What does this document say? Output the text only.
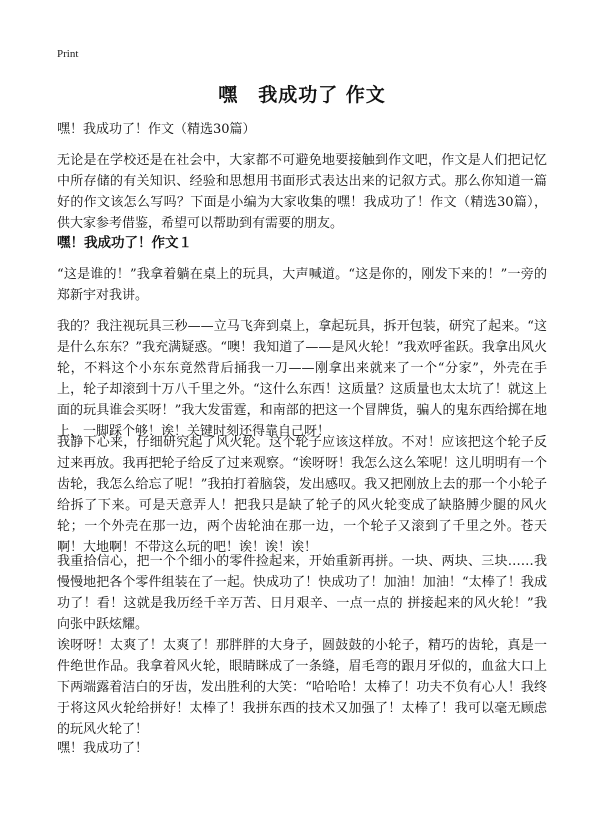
Print
嘿　我成功了 作文

嘿！我成功了！作文（精选30篇）

无论是在学校还是在社会中，大家都不可避免地要接触到作文吧，作文是人们把记忆中所存储的有关知识、经验和思想用书面形式表达出来的记叙方式。那么你知道一篇好的作文该怎么写吗？下面是小编为大家收集的嘿！我成功了！作文（精选30篇），供大家参考借鉴，希望可以帮助到有需要的朋友。

嘿！我成功了！作文１

“这是谁的！”我拿着躺在桌上的玩具，大声喊道。“这是你的，刚发下来的！”一旁的郑新宇对我讲。

我的？我注视玩具三秒——立马飞奔到桌上，拿起玩具，拆开包装，研究了起来。“这是什么东东？”我充满疑惑。“噢！我知道了——是风火轮！”我欢呼雀跃。我拿出风火轮，不料这个小东东竟然背后捅我一刀——刚拿出来就来了一个“分家”，外壳在手上，轮子却滚到十万八千里之外。“这什么东西！这质量？这质量也太太坑了！就这上面的玩具谁会买呀！”我大发雷霆，和南部的把这一个冒牌货，骗人的鬼东西给掷在地上，一脚踩个够！诶！关键时刻还得靠自己呀！

我静下心来，仔细研究起了风火轮。这个轮子应该这样放。不对！应该把这个轮子反过来再放。我再把轮子给反了过来观察。“诶呀呀！我怎么这么笨呢！这儿明明有一个齿轮，我怎么给忘了呢！”我拍打着脑袋，发出感叹。我又把刚放上去的那一个小轮子给拆了下来。可是天意弄人！把我只是缺了轮子的风火轮变成了缺胳膊少腿的风火轮；一个外壳在那一边，两个齿轮油在那一边，一个轮子又滚到了千里之外。苍天啊！大地啊！不带这么玩的吧！诶！诶！诶！

我重拾信心，把一个个细小的零件捡起来，开始重新再拼。一块、两块、三块……我慢慢地把各个零件组装在了一起。快成功了！快成功了！加油！加油！“太棒了！我成功了！看！这就是我历经千辛万苦、日月艰辛、一点一点的 拼接起来的风火轮！”我向张中跃炫耀。

诶呀呀！太爽了！太爽了！那胖胖的大身子，圆鼓鼓的小轮子，精巧的齿轮，真是一件绝世作品。我拿着风火轮，眼睛眯成了一条缝，眉毛弯的跟月牙似的，血盆大口上下两端露着洁白的牙齿，发出胜利的大笑：“哈哈哈！太棒了！功夫不负有心人！我终于将这风火轮给拼好！太棒了！我拼东西的技术又加强了！太棒了！我可以毫无顾虑的玩风火轮了！

嘿！我成功了！
